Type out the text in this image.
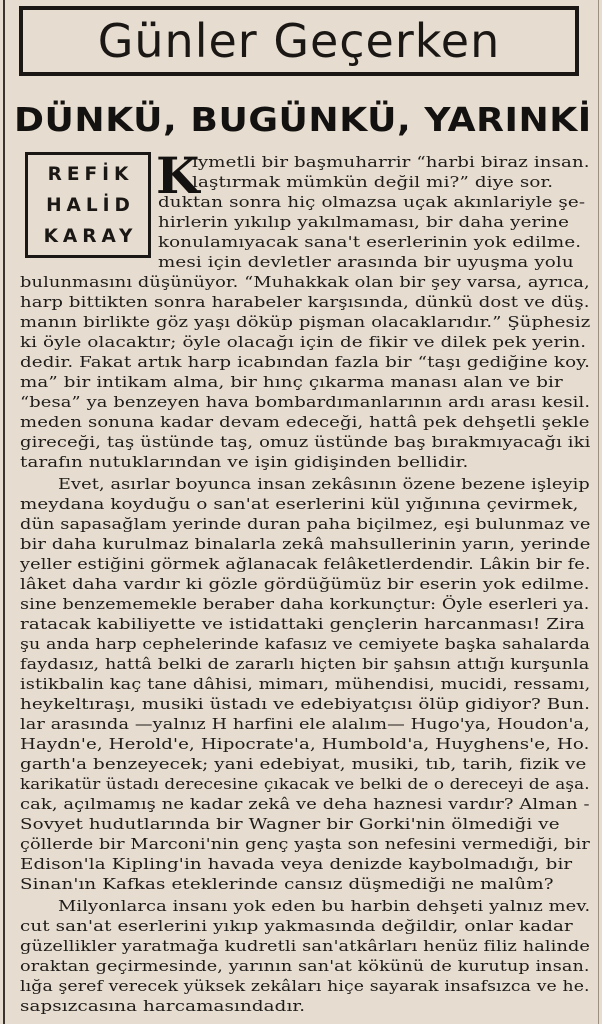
Günler Geçerken
DÜNKÜ, BUGÜNKÜ, YARINKİ
REFİK
HALİD
KARAY
K
ıymetli bir başmuharrir “harbi biraz insan.
laştırmak mümkün değil mi?” diye sor.
duktan sonra hiç olmazsa uçak akınlariyle şe-
hirlerin yıkılıp yakılmaması, bir daha yerine
konulamıyacak sana't eserlerinin yok edilme.
mesi için devletler arasında bir uyuşma yolu
bulunmasını düşünüyor. “Muhakkak olan bir şey varsa, ayrıca,
harp bittikten sonra harabeler karşısında, dünkü dost ve düş.
manın birlikte göz yaşı döküp pişman olacaklarıdır.” Şüphesiz
ki öyle olacaktır; öyle olacağı için de fikir ve dilek pek yerin.
dedir. Fakat artık harp icabından fazla bir “taşı gediğine koy.
ma” bir intikam alma, bir hınç çıkarma manası alan ve bir
“besa” ya benzeyen hava bombardımanlarının ardı arası kesil.
meden sonuna kadar devam edeceği, hattâ pek dehşetli şekle
gireceği, taş üstünde taş, omuz üstünde baş bırakmıyacağı iki
tarafın nutuklarından ve işin gidişinden bellidir.
Evet, asırlar boyunca insan zekâsının özene bezene işleyip
meydana koyduğu o san'at eserlerini kül yığınına çevirmek,
dün sapasağlam yerinde duran paha biçilmez, eşi bulunmaz ve
bir daha kurulmaz binalarla zekâ mahsullerinin yarın, yerinde
yeller estiğini görmek ağlanacak felâketlerdendir. Lâkin bir fe.
lâket daha vardır ki gözle gördüğümüz bir eserin yok edilme.
sine benzememekle beraber daha korkunçtur: Öyle eserleri ya.
ratacak kabiliyette ve istidattaki gençlerin harcanması! Zira
şu anda harp cephelerinde kafasız ve cemiyete başka sahalarda
faydasız, hattâ belki de zararlı hiçten bir şahsın attığı kurşunla
istikbalin kaç tane dâhisi, mimarı, mühendisi, mucidi, ressamı,
heykeltıraşı, musiki üstadı ve edebiyatçısı ölüp gidiyor? Bun.
lar arasında —yalnız H harfini ele alalım— Hugo'ya, Houdon'a,
Haydn'e, Herold'e, Hipocrate'a, Humbold'a, Huyghens'e, Ho.
garth'a benzeyecek; yani edebiyat, musiki, tıb, tarih, fizik ve
karikatür üstadı derecesine çıkacak ve belki de o dereceyi de aşa.
cak, açılmamış ne kadar zekâ ve deha haznesi vardır? Alman -
Sovyet hudutlarında bir Wagner bir Gorki'nin ölmediği ve
çöllerde bir Marconi'nin genç yaşta son nefesini vermediği, bir
Edison'la Kipling'in havada veya denizde kaybolmadığı, bir
Sinan'ın Kafkas eteklerinde cansız düşmediği ne malûm?
Milyonlarca insanı yok eden bu harbin dehşeti yalnız mev.
cut san'at eserlerini yıkıp yakmasında değildir, onlar kadar
güzellikler yaratmağa kudretli san'atkârları henüz filiz halinde
oraktan geçirmesinde, yarının san'at kökünü de kurutup insan.
lığa şeref verecek yüksek zekâları hiçe sayarak insafsızca ve he.
sapsızcasına harcamasındadır.
